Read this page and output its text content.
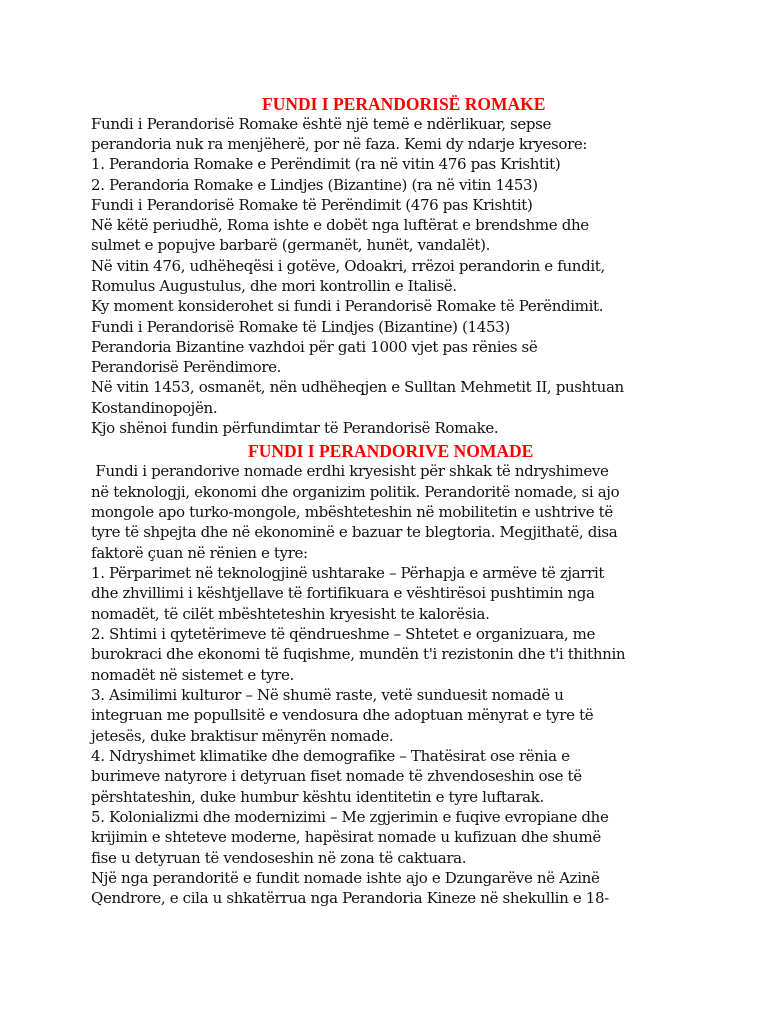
FUNDI I PERANDORISË ROMAKE
Fundi i Perandorisë Romake është një temë e ndërlikuar, sepse
perandoria nuk ra menjëherë, por në faza. Kemi dy ndarje kryesore:
1. Perandoria Romake e Perëndimit (ra në vitin 476 pas Krishtit)
2. Perandoria Romake e Lindjes (Bizantine) (ra në vitin 1453)
Fundi i Perandorisë Romake të Perëndimit (476 pas Krishtit)
Në këtë periudhë, Roma ishte e dobët nga luftërat e brendshme dhe
sulmet e popujve barbarë (germanët, hunët, vandalët).
Në vitin 476, udhëheqësi i gotëve, Odoakri, rrëzoi perandorin e fundit,
Romulus Augustulus, dhe mori kontrollin e Italisë.
Ky moment konsiderohet si fundi i Perandorisë Romake të Perëndimit.
Fundi i Perandorisë Romake të Lindjes (Bizantine) (1453)
Perandoria Bizantine vazhdoi për gati 1000 vjet pas rënies së
Perandorisë Perëndimore.
Në vitin 1453, osmanët, nën udhëheqjen e Sulltan Mehmetit II, pushtuan
Kostandinopojën.
Kjo shënoi fundin përfundimtar të Perandorisë Romake.
FUNDI I PERANDORIVE NOMADE
Fundi i perandorive nomade erdhi kryesisht për shkak të ndryshimeve
në teknologji, ekonomi dhe organizim politik. Perandoritë nomade, si ajo
mongole apo turko-mongole, mbështeteshin në mobilitetin e ushtrive të
tyre të shpejta dhe në ekonominë e bazuar te blegtoria. Megjithatë, disa
faktorë çuan në rënien e tyre:
1. Përparimet në teknologjinë ushtarake – Përhapja e armëve të zjarrit
dhe zhvillimi i kështjellave të fortifikuara e vështirësoi pushtimin nga
nomadët, të cilët mbështeteshin kryesisht te kalorësia.
2. Shtimi i qytetërimeve të qëndrueshme – Shtetet e organizuara, me
burokraci dhe ekonomi të fuqishme, mundën t'i rezistonin dhe t'i thithnin
nomadët në sistemet e tyre.
3. Asimilimi kulturor – Në shumë raste, vetë sunduesit nomadë u
integruan me popullsitë e vendosura dhe adoptuan mënyrat e tyre të
jetesës, duke braktisur mënyrën nomade.
4. Ndryshimet klimatike dhe demografike – Thatësirat ose rënia e
burimeve natyrore i detyruan fiset nomade të zhvendoseshin ose të
përshtateshin, duke humbur kështu identitetin e tyre luftarak.
5. Kolonializmi dhe modernizimi – Me zgjerimin e fuqive evropiane dhe
krijimin e shteteve moderne, hapësirat nomade u kufizuan dhe shumë
fise u detyruan të vendoseshin në zona të caktuara.
Një nga perandoritë e fundit nomade ishte ajo e Dzungarëve në Azinë
Qendrore, e cila u shkatërrua nga Perandoria Kineze në shekullin e 18-
